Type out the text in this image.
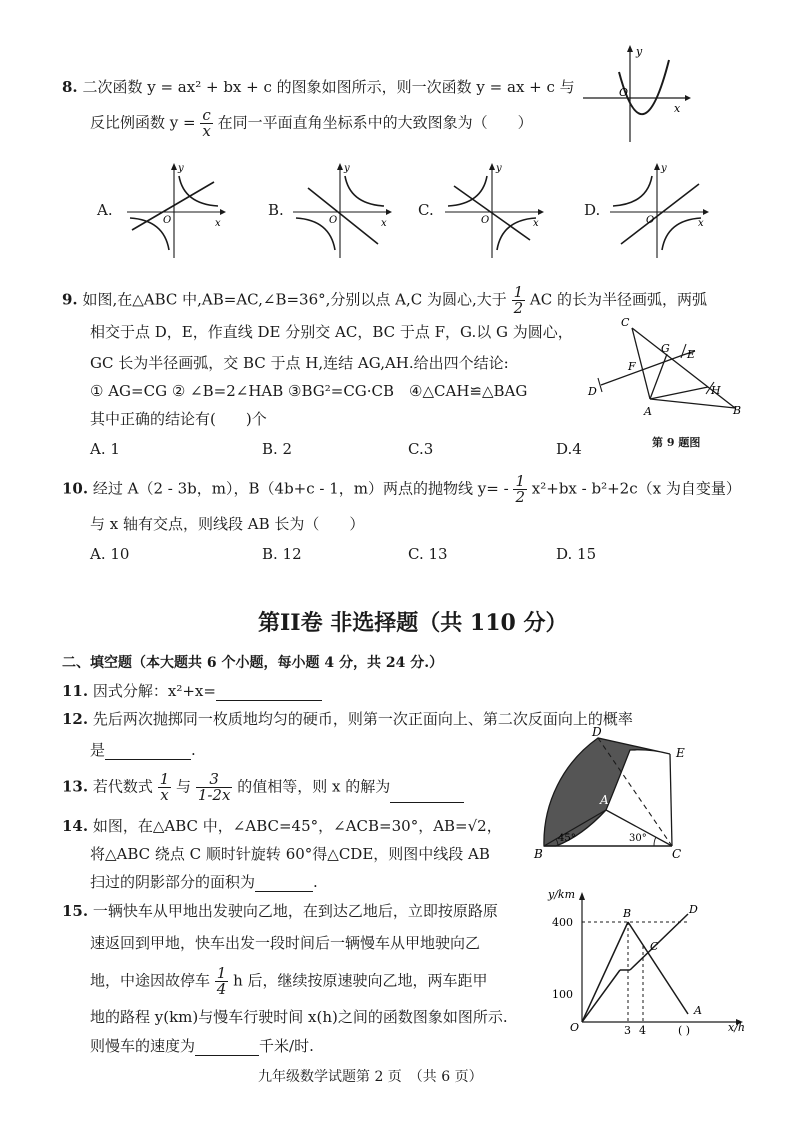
8. 二次函数 y = ax² + bx + c 的图象如图所示，则一次函数 y = ax + c 与
反比例函数 $y = \frac{c}{x}$ 在同一平面直角坐标系中的大致图象为（　　）
y
x
O
A.
y
x
O
B.
y
x
O
C.
y
x
O
D.
y
x
O
9. 如图,在△ABC 中,AB=AC,∠B=36°,分别以点 A,C 为圆心,大于 $\frac{1}{2}$ AC 的长为半径画弧，两弧
相交于点 D，E，作直线 DE 分别交 AC，BC 于点 F，G.以 G 为圆心，
GC 长为半径画弧，交 BC 于点 H,连结 AG,AH.给出四个结论:
① AG=CG ② ∠B=2∠HAB ③BG²=CG·CB　④△CAH≌△BAG
其中正确的结论有(　　)个
A. 1	B. 2	C.3	D.4
C
G E
F
D	H
A	B
第 9 题图
10. 经过 A（2 - 3b，m），B（4b+c - 1，m）两点的抛物线 $y= - \frac{1}{2} x^2+bx - b^2+2c(x$ 为自变量）
与 x 轴有交点，则线段 AB 长为（　　）
A. 10	B. 12	C. 13	D. 15
第II卷 非选择题（共 110 分）
二、填空题（本大题共 6 个小题，每小题 4 分，共 24 分.）
11. 因式分解：x²+x=
12. 先后两次抛掷同一枚质地均匀的硬币，则第一次正面向上、第二次反面向上的概率
是	.
13. 若代数式 $\frac{1}{x}$ 与 $\frac{3}{1-2x}$ 的值相等，则 x 的解为
14. 如图，在△ABC 中，∠ABC=45°，∠ACB=30°，AB=√2，
将△ABC 绕点 C 顺时针旋转 60°得△CDE，则图中线段 AB
扫过的阴影部分的面积为	.
D
E
A
B	C
45°	30°
15. 一辆快车从甲地出发驶向乙地，在到达乙地后，立即按原路原
速返回到甲地，快车出发一段时间后一辆慢车从甲地驶向乙
地，中途因故停车 $\frac{1}{4}$ h 后，继续按原速驶向乙地，两车距甲
地的路程 y(km)与慢车行驶时间 x(h)之间的函数图象如图所示.
则慢车的速度为	千米/时.
y/km
x/h
O
400
100
3 4	( )
B	D
C
A
九年级数学试题第 2 页　（共 6 页）
